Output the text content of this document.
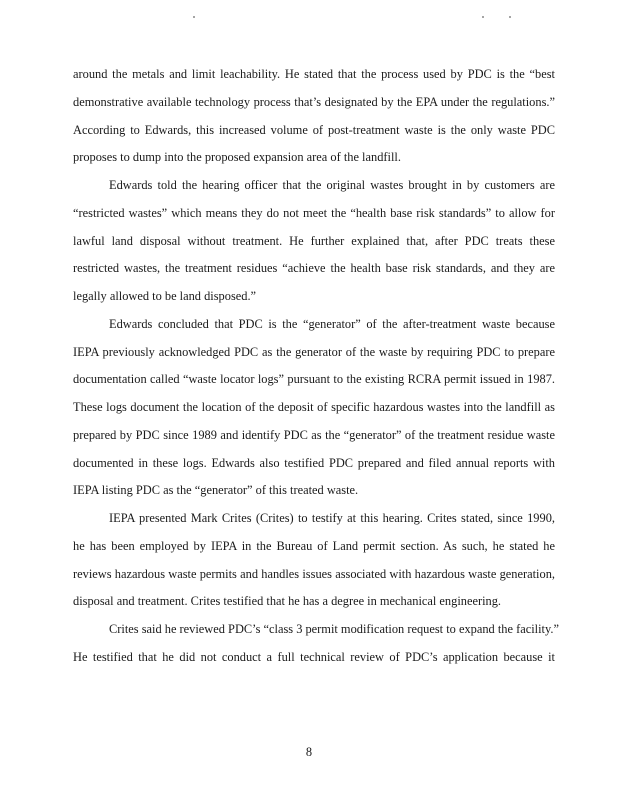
around the metals and limit leachability. He stated that the process used by PDC is the “best
demonstrative available technology process that’s designated by the EPA under the regulations.”
According to Edwards, this increased volume of post-treatment waste is the only waste PDC
proposes to dump into the proposed expansion area of the landfill.

Edwards told the hearing officer that the original wastes brought in by customers are
“restricted wastes” which means they do not meet the “health base risk standards” to allow for
lawful land disposal without treatment. He further explained that, after PDC treats these
restricted wastes, the treatment residues “achieve the health base risk standards, and they are
legally allowed to be land disposed.”

Edwards concluded that PDC is the “generator” of the after-treatment waste because
IEPA previously acknowledged PDC as the generator of the waste by requiring PDC to prepare
documentation called “waste locator logs” pursuant to the existing RCRA permit issued in 1987.
These logs document the location of the deposit of specific hazardous wastes into the landfill as
prepared by PDC since 1989 and identify PDC as the “generator” of the treatment residue waste
documented in these logs. Edwards also testified PDC prepared and filed annual reports with
IEPA listing PDC as the “generator” of this treated waste.

IEPA presented Mark Crites (Crites) to testify at this hearing. Crites stated, since 1990,
he has been employed by IEPA in the Bureau of Land permit section. As such, he stated he
reviews hazardous waste permits and handles issues associated with hazardous waste generation,
disposal and treatment. Crites testified that he has a degree in mechanical engineering.

Crites said he reviewed PDC’s “class 3 permit modification request to expand the facility.”
He testified that he did not conduct a full technical review of PDC’s application because it

8
